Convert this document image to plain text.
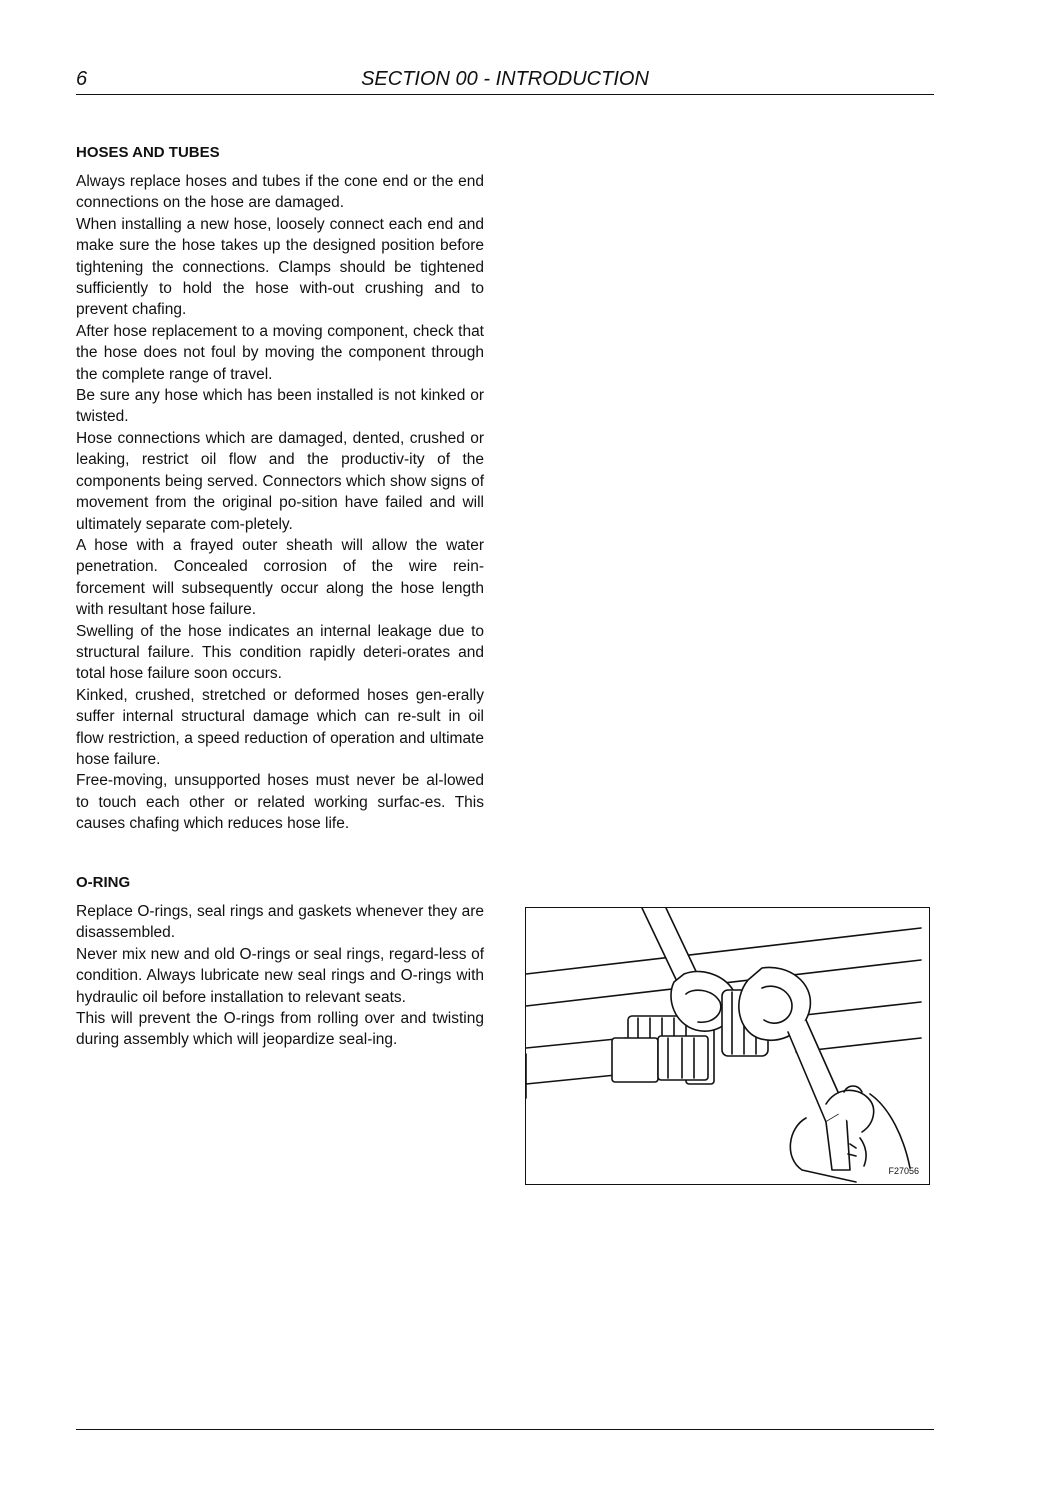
6	SECTION 00 - INTRODUCTION
HOSES AND TUBES

Always replace hoses and tubes if the cone end or the end connections on the hose are damaged.

When installing a new hose, loosely connect each end and make sure the hose takes up the designed position before tightening the connections. Clamps should be tightened sufficiently to hold the hose with-out crushing and to prevent chafing.

After hose replacement to a moving component, check that the hose does not foul by moving the component through the complete range of travel.

Be sure any hose which has been installed is not kinked or twisted.

Hose connections which are damaged, dented, crushed or leaking, restrict oil flow and the productiv-ity of the components being served. Connectors which show signs of movement from the original po-sition have failed and will ultimately separate com-pletely.

A hose with a frayed outer sheath will allow the water penetration. Concealed corrosion of the wire rein-forcement will subsequently occur along the hose length with resultant hose failure.

Swelling of the hose indicates an internal leakage due to structural failure. This condition rapidly deteri-orates and total hose failure soon occurs.

Kinked, crushed, stretched or deformed hoses gen-erally suffer internal structural damage which can re-sult in oil flow restriction, a speed reduction of operation and ultimate hose failure.

Free-moving, unsupported hoses must never be al-lowed to touch each other or related working surfac-es. This causes chafing which reduces hose life.

O-RING

Replace O-rings, seal rings and gaskets whenever they are disassembled.

Never mix new and old O-rings or seal rings, regard-less of condition. Always lubricate new seal rings and O-rings with hydraulic oil before installation to relevant seats.

This will prevent the O-rings from rolling over and twisting during assembly which will jeopardize seal-ing.

F27056
